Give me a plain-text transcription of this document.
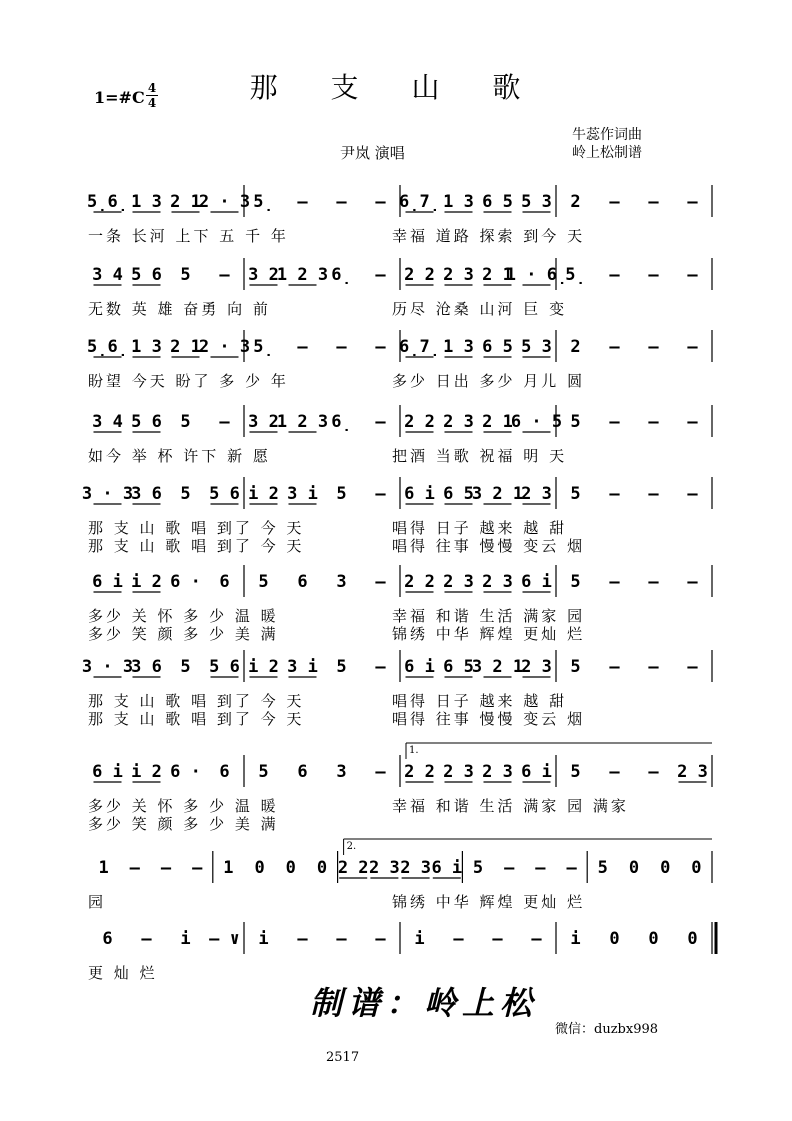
1=#C 4
4	那 支 山 歌
尹岚 演唱
牛蕊作词曲
岭上松制谱
5̣6̣ 1 3 2 1
2 · 3 5̣ – – – 6̣7̣ 1 3 6 5 5 3 2 – – –
一条 长河 上下 五 千 年	幸福 道路 探索 到今 天
3 4 5 6 5 – 3 2
1 2 3 6̣ – 2 2 2 3 2 1
1 · 6̣
5̣ – – –
无数 英 雄 奋勇 向 前	历尽 沧桑 山河 巨 变
5̣6̣ 1 3 2 1
2 · 3 5̣ – – – 6̣7̣ 1 3 6 5 5 3 2 – – –
盼望 今天 盼了 多 少 年	多少 日出 多少 月儿 圆
3 4 5 6 5 – 3 2
1 2 3 6̣ – 2 2 2 3 2 1
6 · 5 5 – – –
如今 举 杯 许下 新 愿	把酒 当歌 祝福 明 天
3 · 3
3 6 5 5 6 i 2 3 i 5 – 6 i 6 5
3 2 1
2 3 5 – – –
那 支 山 歌 唱 到了 今 天	唱得 日子 越来 越 甜
那 支 山 歌 唱 到了 今 天	唱得 往事 慢慢 变云 烟
6 i i 2 6 · 6 5 6 3 – 2 2 2 3 2 3 6 i 5 – – –
多少 关 怀 多 少 温 暖	幸福 和谐 生活 满家 园
多少 笑 颜 多 少 美 满	锦绣 中华 辉煌 更灿 烂
3 · 3
3 6 5 5 6 i 2 3 i 5 – 6 i 6 5
3 2 1
2 3 5 – – –
那 支 山 歌 唱 到了 今 天	唱得 日子 越来 越 甜
那 支 山 歌 唱 到了 今 天	唱得 往事 慢慢 变云 烟
1.
6 i i 2 6 · 6 5 6 3 – 2 2 2 3 2 3 6 i 5 – – 2 3
多少 关 怀 多 少 温 暖	幸福 和谐 生活 满家 园 满家
多少 笑 颜 多 少 美 满
2.
1 – – – 1 0 0 0 2 2 2 3 2 3 6 i 5 – – – 5 0 0 0
园	锦绣 中华 辉煌 更灿 烂
6 – i – ∨ i – – – i – – – i 0 0 0
更 灿 烂
制谱：岭上松
微信：duzbx998
2517
